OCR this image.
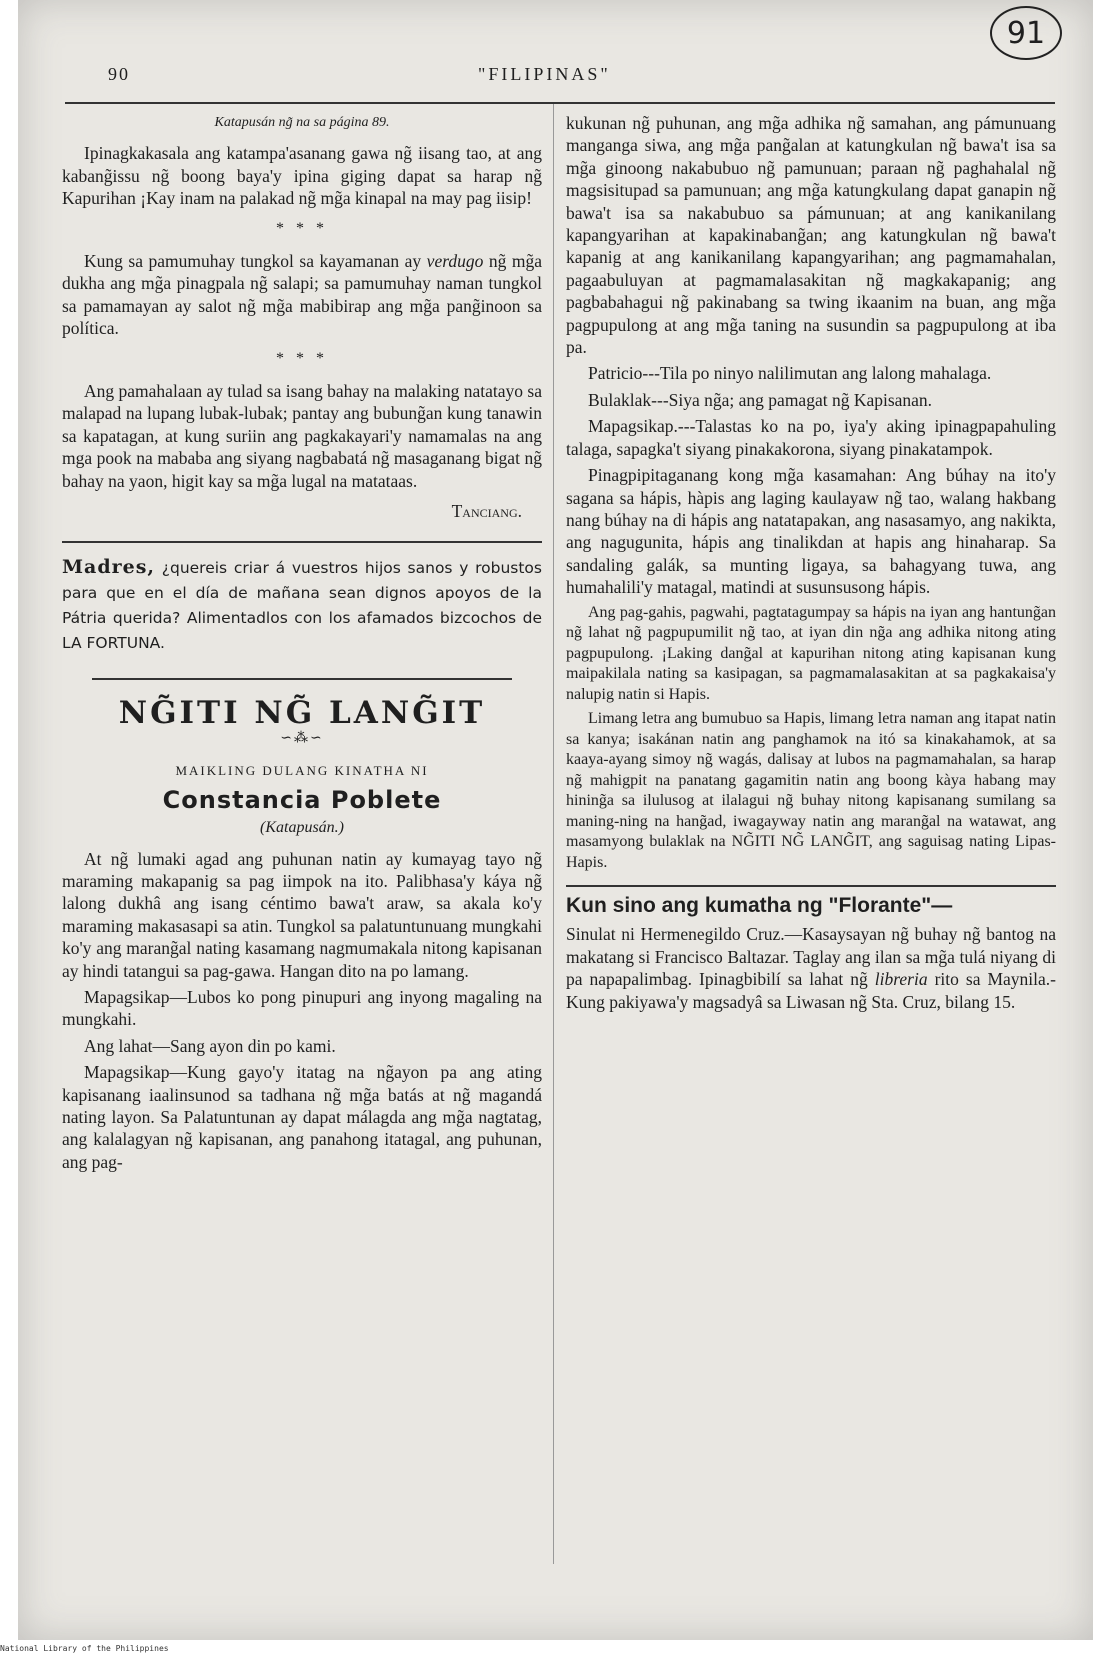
91
90	"FILIPINAS"

Katapusán ng̃ na sa página 89.

Ipinagkakasala ang katampa'asanang gawa ng̃ iisang tao, at ang kabang̃issu ng̃ boong baya'y ipina giging dapat sa harap ng̃ Kapurihan ¡Kay inam na palakad ng̃ mg̃a kinapal na may pag iisip!

* * *

Kung sa pamumuhay tungkol sa kayamanan ay verdugo ng̃ mg̃a dukha ang mg̃a pinagpala ng̃ salapi; sa pamumuhay naman tungkol sa pamamayan ay salot ng̃ mg̃a mabibirap ang mg̃a pang̃inoon sa política.

* * *

Ang pamahalaan ay tulad sa isang bahay na malaking natatayo sa malapad na lupang lubak-lubak; pantay ang bubung̃an kung tanawin sa kapatagan, at kung suriin ang pagkakayari'y namamalas na ang mga pook na mababa ang siyang nagbabatá ng̃ masaganang bigat ng̃ bahay na yaon, higit kay sa mg̃a lugal na matataas.

Tanciang.

Madres, ¿quereis criar á vuestros hijos sanos y robustos para que en el día de mañana sean dignos apoyos de la Pátria querida? Alimentadlos con los afamados bizcochos de LA FORTUNA.

NG̃ITI NG̃ LANG̃IT

∽⁂∽

MAIKLING DULANG KINATHA NI

Constancia Poblete

(Katapusán.)

At ng̃ lumaki agad ang puhunan natin ay kumayag tayo ng̃ maraming makapanig sa pag iimpok na ito. Palibhasa'y káya ng̃ lalong dukhâ ang isang céntimo bawa't araw, sa akala ko'y maraming makasasapi sa atin. Tungkol sa palatuntunuang mungkahi ko'y ang marang̃al nating kasamang nagmumakala nitong kapisanan ay hindi tatangui sa pag-gawa. Hangan dito na po lamang.

Mapagsikap—Lubos ko pong pinupuri ang inyong magaling na mungkahi.

Ang lahat—Sang ayon din po kami.

Mapagsikap—Kung gayo'y itatag na ng̃ayon pa ang ating kapisanang iaalinsunod sa tadhana ng̃ mg̃a batás at ng̃ magandá nating layon. Sa Palatuntunan ay dapat málagda ang mg̃a nagtatag, ang kalalagyan ng̃ kapisanan, ang panahong itatagal, ang puhunan, ang pag-

kukunan ng̃ puhunan, ang mg̃a adhika ng̃ samahan, ang pámunuang manganga siwa, ang mg̃a pang̃alan at katungkulan ng̃ bawa't isa sa mg̃a ginoong nakabubuo ng̃ pamunuan; paraan ng̃ paghahalal ng̃ magsisitupad sa pamunuan; ang mg̃a katungkulang dapat ganapin ng̃ bawa't isa sa nakabubuo sa pámunuan; at ang kanikanilang kapangyarihan at kapakinabang̃an; ang katungkulan ng̃ bawa't kapanig at ang kanikanilang kapangyarihan; ang pagmamahalan, pagaabuluyan at pagmamalasakitan ng̃ magkakapanig; ang pagbabahagui ng̃ pakinabang sa twing ikaanim na buan, ang mg̃a pagpupulong at ang mg̃a taning na susundin sa pagpupulong at iba pa.

Patricio---Tila po ninyo nalilimutan ang lalong mahalaga.

Bulaklak---Siya ng̃a; ang pamagat ng̃ Kapisanan.

Mapagsikap.---Talastas ko na po, iya'y aking ipinagpapahuling talaga, sapagka't siyang pinakakorona, siyang pinakatampok.

Pinagpipitaganang kong mg̃a kasamahan: Ang búhay na ito'y sagana sa hápis, hàpis ang laging kaulayaw ng̃ tao, walang hakbang nang búhay na di hápis ang natatapakan, ang nasasamyo, ang nakikta, ang nagugunita, hápis ang tinalikdan at hapis ang hinaharap. Sa sandaling galák, sa munting ligaya, sa bahagyang tuwa, ang humahalili'y matagal, matindi at susunsusong hápis.

Ang pag-gahis, pagwahi, pagtatagumpay sa hápis na iyan ang hantung̃an ng̃ lahat ng̃ pagpupumilit ng̃ tao, at iyan din ng̃a ang adhika nitong ating pagpupulong. ¡Laking dang̃al at kapurihan nitong ating kapisanan kung maipakilala nating sa kasipagan, sa pagmamalasakitan at sa pagkakaisa'y nalupig natin si Hapis.

Limang letra ang bumubuo sa Hapis, limang letra naman ang itapat natin sa kanya; isakánan natin ang panghamok na itó sa kinakahamok, at sa kaaya-ayang simoy ng̃ wagás, dalisay at lubos na pagmamahalan, sa harap ng̃ mahigpit na panatang gagamitin natin ang boong kàya habang may hining̃a sa ilulusog at ilalagui ng̃ buhay nitong kapisanang sumilang sa maning-ning na hang̃ad, iwagayway natin ang marang̃al na watawat, ang masamyong bulaklak na NG̃ITI NG̃ LANG̃IT, ang saguisag nating Lipas-Hapis.

Kun sino ang kumatha ng "Florante"—

Sinulat ni Hermenegildo Cruz.—Kasaysayan ng̃ buhay ng̃ bantog na makatang si Francisco Baltazar. Taglay ang ilan sa mg̃a tulá niyang di pa napapalimbag. Ipinagbibilí sa lahat ng̃ libreria rito sa Maynila.-Kung pakiyawa'y magsadyâ sa Liwasan ng̃ Sta. Cruz, bilang 15.

National Library of the Philippines
